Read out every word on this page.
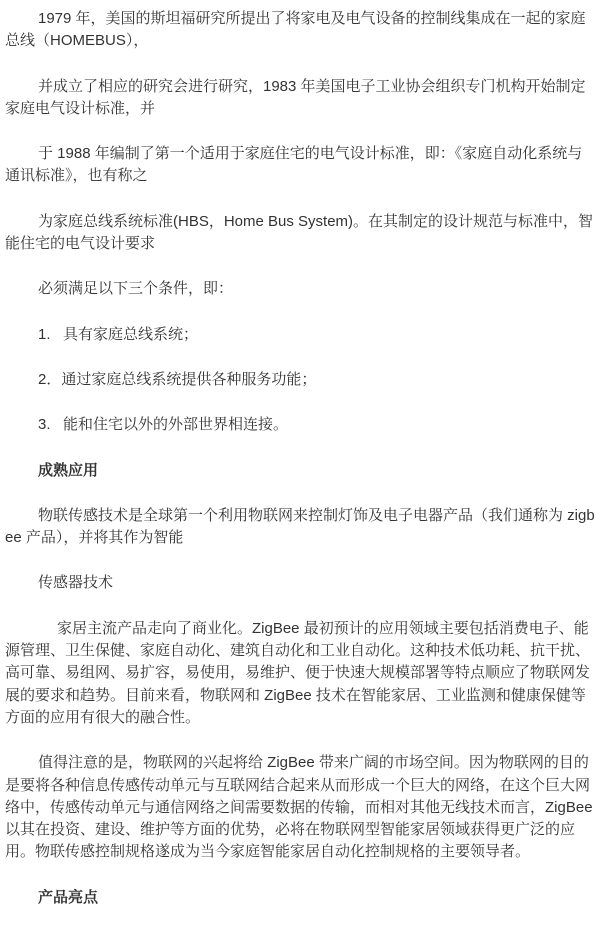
1979 年，美国的斯坦福研究所提出了将家电及电气设备的控制线集成在一起的家庭总线（HOMEBUS），

并成立了相应的研究会进行研究，1983 年美国电子工业协会组织专门机构开始制定家庭电气设计标准，并

于 1988 年编制了第一个适用于家庭住宅的电气设计标准，即：《家庭自动化系统与通讯标准》，也有称之

为家庭总线系统标准(HBS，Home Bus System)。在其制定的设计规范与标准中，智能住宅的电气设计要求

必须满足以下三个条件，即：

1.   具有家庭总线系统；

2．通过家庭总线系统提供各种服务功能；

3.   能和住宅以外的外部世界相连接。

成熟应用

物联传感技术是全球第一个利用物联网来控制灯饰及电子电器产品（我们通称为 zigbee 产品），并将其作为智能

传感器技术

家居主流产品走向了商业化。ZigBee 最初预计的应用领域主要包括消费电子、能源管理、卫生保健、家庭自动化、建筑自动化和工业自动化。这种技术低功耗、抗干扰、高可靠、易组网、易扩容，易使用，易维护、便于快速大规模部署等特点顺应了物联网发展的要求和趋势。目前来看，物联网和 ZigBee 技术在智能家居、工业监测和健康保健等方面的应用有很大的融合性。

值得注意的是，物联网的兴起将给 ZigBee 带来广阔的市场空间。因为物联网的目的是要将各种信息传感传动单元与互联网结合起来从而形成一个巨大的网络，在这个巨大网络中，传感传动单元与通信网络之间需要数据的传输，而相对其他无线技术而言，ZigBee 以其在投资、建设、维护等方面的优势，必将在物联网型智能家居领域获得更广泛的应用。物联传感控制规格遂成为当今家庭智能家居自动化控制规格的主要领导者。

产品亮点
